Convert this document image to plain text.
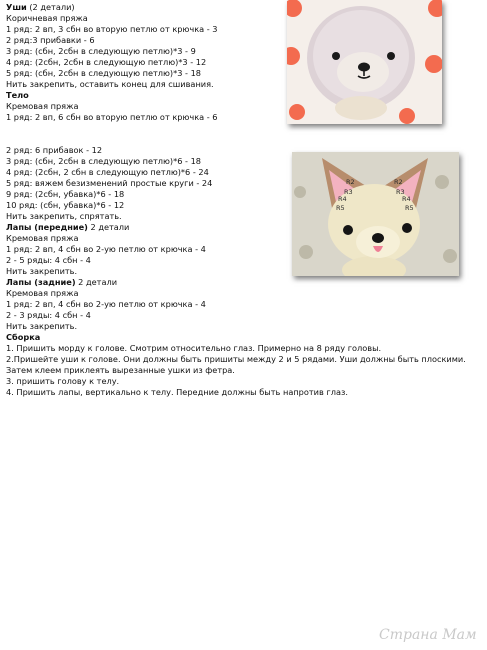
Уши (2 детали)
Коричневая пряжа
1 ряд: 2 вп, 3 сбн во вторую петлю от крючка - 3
2 ряд:3 прибавки - 6
3 ряд: (сбн, 2сбн в следующую петлю)*3 - 9
4 ряд: (2сбн, 2сбн в следующую петлю)*3 - 12
5 ряд: (сбн, 2сбн в следующую петлю)*3 - 18
Нить закрепить, оставить конец для сшивания.
Тело
Кремовая пряжа
1 ряд: 2 вп, 6 сбн во вторую петлю от крючка - 6
2 ряд: 6 прибавок - 12
3 ряд: (сбн, 2сбн в следующую петлю)*6 - 18
4 ряд: (2сбн, 2 сбн в следующую петлю)*6 - 24
5 ряд: вяжем безизменений простые круги - 24
9 ряд: (2сбн, убавка)*6 - 18
10 ряд: (сбн, убавка)*6 - 12
Нить закрепить, спрятать.
Лапы (передние) 2 детали
Кремовая пряжа
1 ряд: 2 вп, 4 сбн во 2-ую петлю от крючка - 4
2 - 5 ряды: 4 сбн - 4
Нить закрепить.
Лапы (задние) 2 детали
Кремовая пряжа
1 ряд: 2 вп, 4 сбн во 2-ую петлю от крючка - 4
2 - 3 ряды: 4 сбн - 4
Нить закрепить.
Сборка
1. Пришить морду к голове. Смотрим относительно глаз. Примерно на 8 ряду головы.
2.Пришейте уши к голове. Они должны быть пришиты между 2 и 5 рядами. Уши должны быть плоскими.
Затем клеем приклеять вырезанные ушки из фетра.
3. пришить голову к телу.
4. Пришить лапы, вертикально к телу. Передние должны быть напротив глаз.
R2
R3
R4
R5
R2
R3
R4
R5
Страна Мам
